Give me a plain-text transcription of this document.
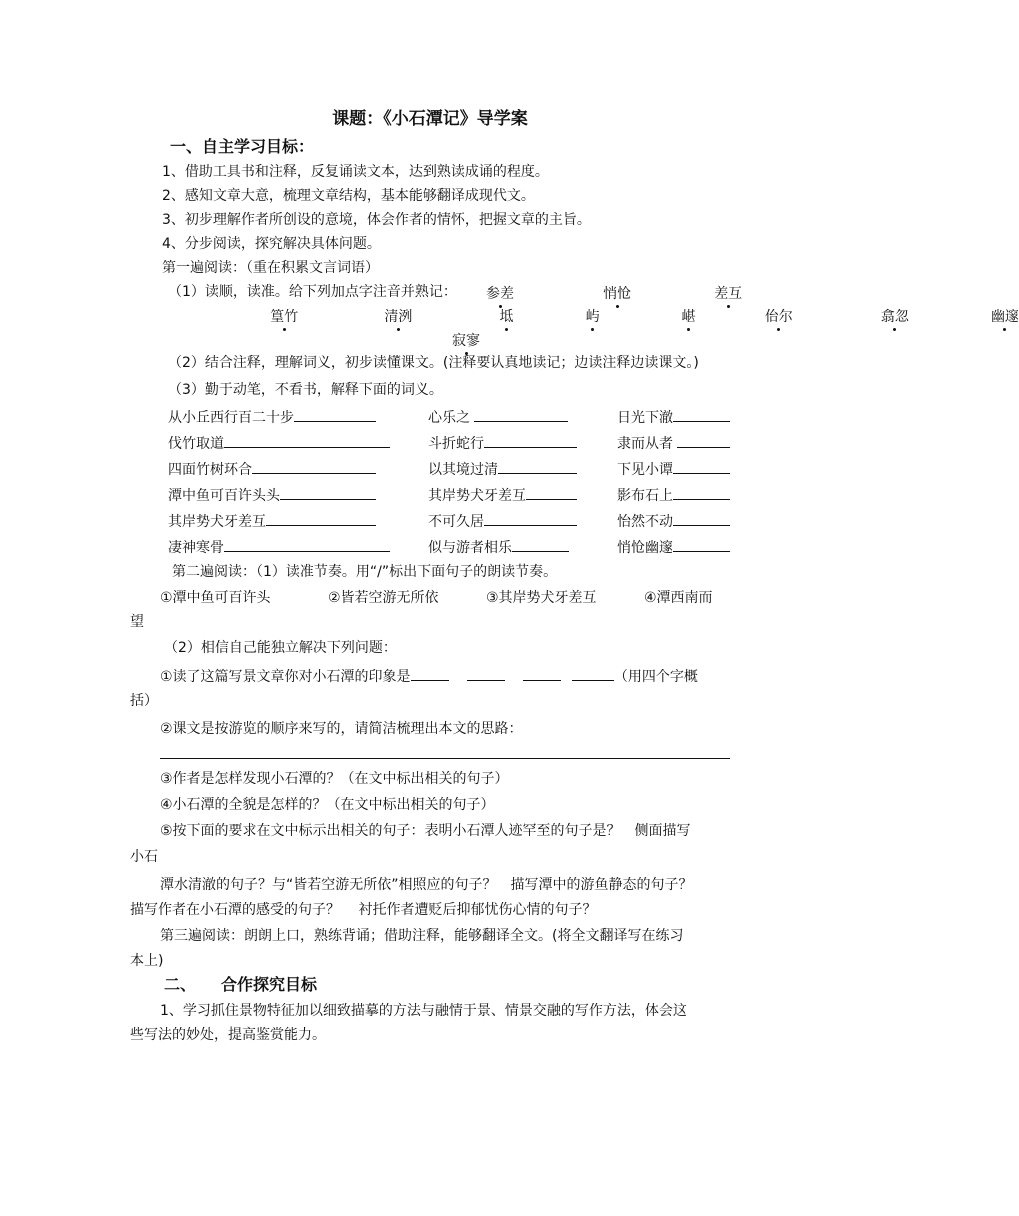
课题：《小石潭记》导学案
一、自主学习目标：
1、借助工具书和注释，反复诵读文本，达到熟读成诵的程度。
2、感知文章大意，梳理文章结构，基本能够翻译成现代文。
3、初步理解作者所创设的意境，体会作者的情怀，把握文章的主旨。
4、分步阅读，探究解决具体问题。
第一遍阅读：（重在积累文言词语）
（1）读顺，读准。给下列加点字注音并熟记： 参差	悄怆	差互 篁竹	清洌	坻	屿	嵁	佁尔	翕忽	幽邃 寂寥
（2）结合注释，理解词义，初步读懂课文。(注释要认真地读记；边读注释边读课文。)
（3）勤于动笔，不看书，解释下面的词义。
从小丘西行百二十步	心乐之	日光下澈
伐竹取道	斗折蛇行	隶而从者
四面竹树环合	以其境过清	下见小谭
潭中鱼可百许头头	其岸势犬牙差互	影布石上
其岸势犬牙差互	不可久居	怡然不动
凄神寒骨	似与游者相乐	悄怆幽邃
第二遍阅读：（1）读准节奏。用“/”标出下面句子的朗读节奏。
①潭中鱼可百许头	②皆若空游无所依	③其岸势犬牙差互	④潭西南而
望
（2）相信自己能独立解决下列问题：
①读了这篇写景文章你对小石潭的印象是	（用四个字概
括）
②课文是按游览的顺序来写的，请简洁梳理出本文的思路：
③作者是怎样发现小石潭的？（在文中标出相关的句子）
④小石潭的全貌是怎样的？（在文中标出相关的句子）
⑤按下面的要求在文中标示出相关的句子：表明小石潭人迹罕至的句子是？　侧面描写
小石
潭水清澈的句子？与“皆若空游无所依”相照应的句子？　描写潭中的游鱼静态的句子？
描写作者在小石潭的感受的句子？　 衬托作者遭贬后抑郁忧伤心情的句子？
第三遍阅读：朗朗上口，熟练背诵；借助注释，能够翻译全文。(将全文翻译写在练习
本上)
二、 合作探究目标
1、学习抓住景物特征加以细致描摹的方法与融情于景、情景交融的写作方法，体会这
些写法的妙处，提高鉴赏能力。
